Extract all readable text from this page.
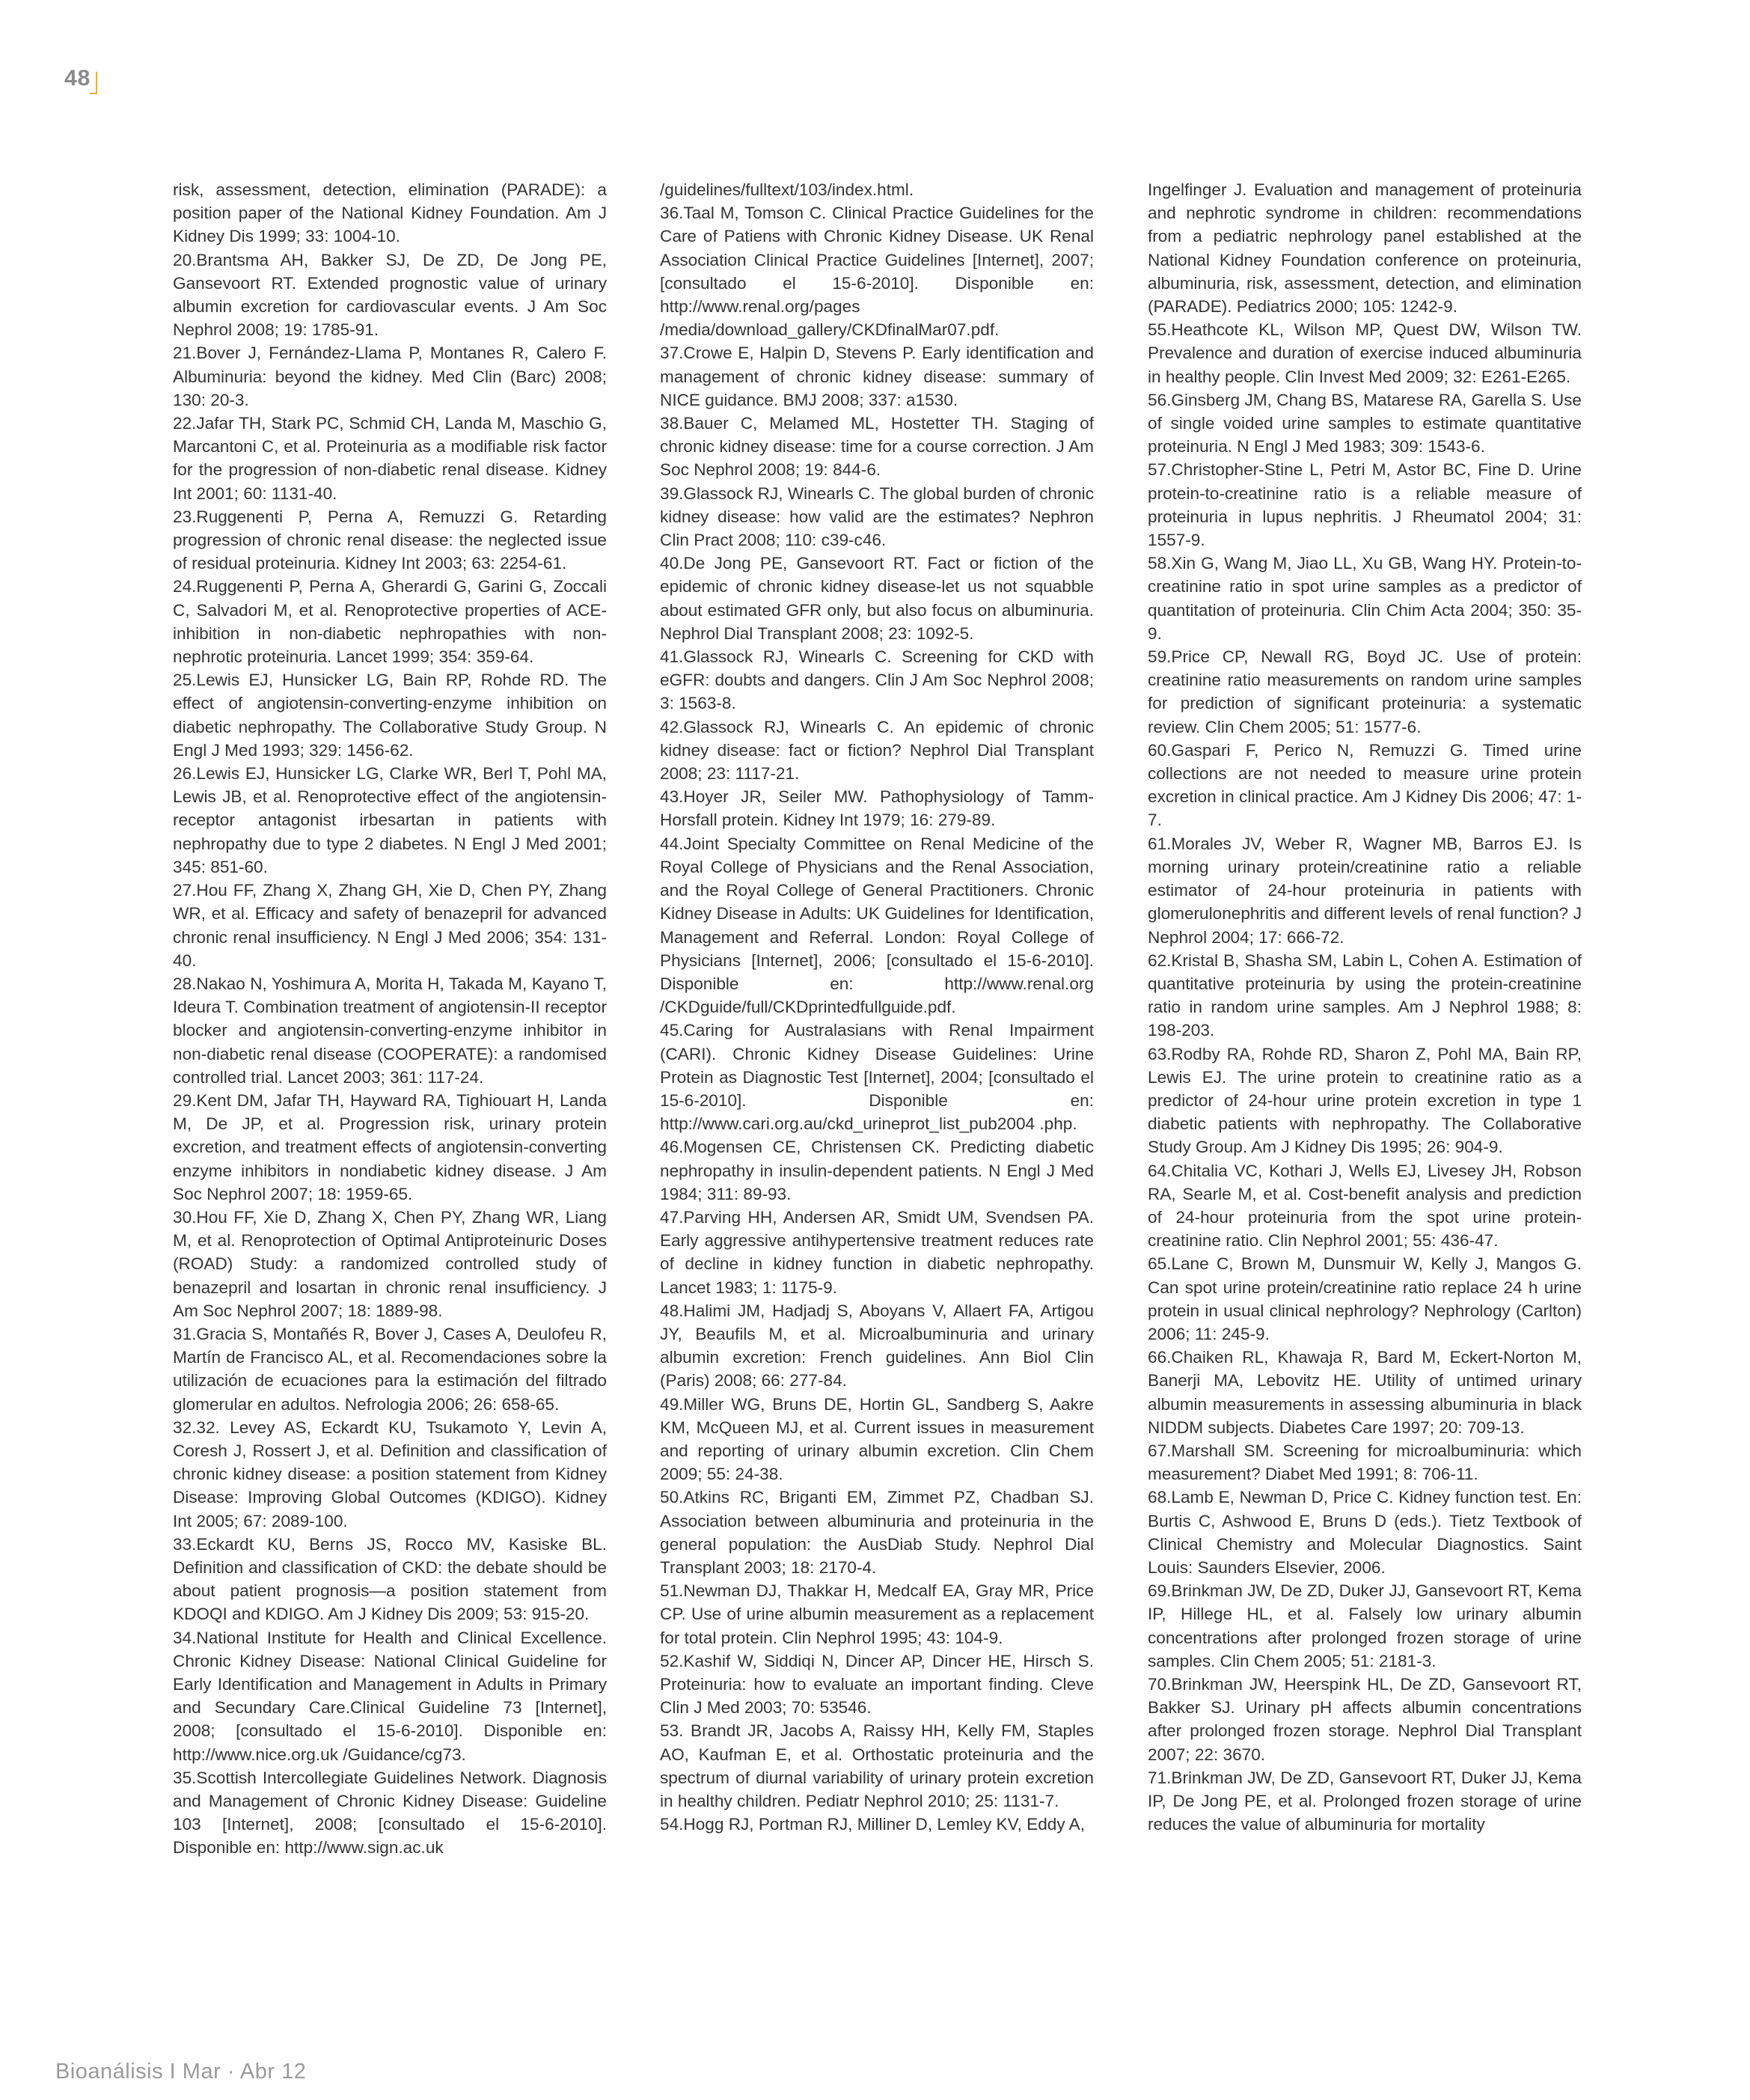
48

risk, assessment, detection, elimination (PARADE): a position paper of the National Kidney Foundation. Am J Kidney Dis 1999; 33: 1004-10.

20.Brantsma AH, Bakker SJ, De ZD, De Jong PE, Gansevoort RT. Extended prognostic value of urinary albumin excretion for cardiovascular events. J Am Soc Nephrol 2008; 19: 1785-91.

21.Bover J, Fernández-Llama P, Montanes R, Calero F. Albuminuria: beyond the kidney. Med Clin (Barc) 2008; 130: 20-3.

22.Jafar TH, Stark PC, Schmid CH, Landa M, Maschio G, Marcantoni C, et al. Proteinuria as a modifiable risk factor for the progression of non-diabetic renal disease. Kidney Int 2001; 60: 1131-40.

23.Ruggenenti P, Perna A, Remuzzi G. Retarding progression of chronic renal disease: the neglected issue of residual proteinuria. Kidney Int 2003; 63: 2254-61.

24.Ruggenenti P, Perna A, Gherardi G, Garini G, Zoccali C, Salvadori M, et al. Renoprotective properties of ACE-inhibition in non-diabetic nephropathies with non-nephrotic proteinuria. Lancet 1999; 354: 359-64.

25.Lewis EJ, Hunsicker LG, Bain RP, Rohde RD. The effect of angiotensin-converting-enzyme inhibition on diabetic nephropathy. The Collaborative Study Group. N Engl J Med 1993; 329: 1456-62.

26.Lewis EJ, Hunsicker LG, Clarke WR, Berl T, Pohl MA, Lewis JB, et al. Renoprotective effect of the angiotensin-receptor antagonist irbesartan in patients with nephropathy due to type 2 diabetes. N Engl J Med 2001; 345: 851-60.

27.Hou FF, Zhang X, Zhang GH, Xie D, Chen PY, Zhang WR, et al. Efficacy and safety of benazepril for advanced chronic renal insufficiency. N Engl J Med 2006; 354: 131-40.

28.Nakao N, Yoshimura A, Morita H, Takada M, Kayano T, Ideura T. Combination treatment of angiotensin-II receptor blocker and angiotensin-converting-enzyme inhibitor in non-diabetic renal disease (COOPERATE): a randomised controlled trial. Lancet 2003; 361: 117-24.

29.Kent DM, Jafar TH, Hayward RA, Tighiouart H, Landa M, De JP, et al. Progression risk, urinary protein excretion, and treatment effects of angiotensin-converting enzyme inhibitors in nondiabetic kidney disease. J Am Soc Nephrol 2007; 18: 1959-65.

30.Hou FF, Xie D, Zhang X, Chen PY, Zhang WR, Liang M, et al. Renoprotection of Optimal Antiproteinuric Doses (ROAD) Study: a randomized controlled study of benazepril and losartan in chronic renal insufficiency. J Am Soc Nephrol 2007; 18: 1889-98.

31.Gracia S, Montañés R, Bover J, Cases A, Deulofeu R, Martín de Francisco AL, et al. Recomendaciones sobre la utilización de ecuaciones para la estimación del filtrado glomerular en adultos. Nefrologia 2006; 26: 658-65.

32.32. Levey AS, Eckardt KU, Tsukamoto Y, Levin A, Coresh J, Rossert J, et al. Definition and classification of chronic kidney disease: a position statement from Kidney Disease: Improving Global Outcomes (KDIGO). Kidney Int 2005; 67: 2089-100.

33.Eckardt KU, Berns JS, Rocco MV, Kasiske BL. Definition and classification of CKD: the debate should be about patient prognosis—a position statement from KDOQI and KDIGO. Am J Kidney Dis 2009; 53: 915-20.

34.National Institute for Health and Clinical Excellence. Chronic Kidney Disease: National Clinical Guideline for Early Identification and Management in Adults in Primary and Secundary Care.Clinical Guideline 73 [Internet], 2008; [consultado el 15-6-2010]. Disponible en: http://www.nice.org.uk /Guidance/cg73.

35.Scottish Intercollegiate Guidelines Network. Diagnosis and Management of Chronic Kidney Disease: Guideline 103 [Internet], 2008; [consultado el 15-6-2010]. Disponible en: http://www.sign.ac.uk

/guidelines/fulltext/103/index.html.

36.Taal M, Tomson C. Clinical Practice Guidelines for the Care of Patiens with Chronic Kidney Disease. UK Renal Association Clinical Practice Guidelines [Internet], 2007; [consultado el 15-6-2010]. Disponible en: http://www.renal.org/pages /media/download_gallery/CKDfinalMar07.pdf.

37.Crowe E, Halpin D, Stevens P. Early identification and management of chronic kidney disease: summary of NICE guidance. BMJ 2008; 337: a1530.

38.Bauer C, Melamed ML, Hostetter TH. Staging of chronic kidney disease: time for a course correction. J Am Soc Nephrol 2008; 19: 844-6.

39.Glassock RJ, Winearls C. The global burden of chronic kidney disease: how valid are the estimates? Nephron Clin Pract 2008; 110: c39-c46.

40.De Jong PE, Gansevoort RT. Fact or fiction of the epidemic of chronic kidney disease-let us not squabble about estimated GFR only, but also focus on albuminuria. Nephrol Dial Transplant 2008; 23: 1092-5.

41.Glassock RJ, Winearls C. Screening for CKD with eGFR: doubts and dangers. Clin J Am Soc Nephrol 2008; 3: 1563-8.

42.Glassock RJ, Winearls C. An epidemic of chronic kidney disease: fact or fiction? Nephrol Dial Transplant 2008; 23: 1117-21.

43.Hoyer JR, Seiler MW. Pathophysiology of Tamm-Horsfall protein. Kidney Int 1979; 16: 279-89.

44.Joint Specialty Committee on Renal Medicine of the Royal College of Physicians and the Renal Association, and the Royal College of General Practitioners. Chronic Kidney Disease in Adults: UK Guidelines for Identification, Management and Referral. London: Royal College of Physicians [Internet], 2006; [consultado el 15-6-2010]. Disponible en: http://www.renal.org /CKDguide/full/CKDprintedfullguide.pdf.

45.Caring for Australasians with Renal Impairment (CARI). Chronic Kidney Disease Guidelines: Urine Protein as Diagnostic Test [Internet], 2004; [consultado el 15-6-2010]. Disponible en: http://www.cari.org.au/ckd_urineprot_list_pub2004 .php.

46.Mogensen CE, Christensen CK. Predicting diabetic nephropathy in insulin-dependent patients. N Engl J Med 1984; 311: 89-93.

47.Parving HH, Andersen AR, Smidt UM, Svendsen PA. Early aggressive antihypertensive treatment reduces rate of decline in kidney function in diabetic nephropathy. Lancet 1983; 1: 1175-9.

48.Halimi JM, Hadjadj S, Aboyans V, Allaert FA, Artigou JY, Beaufils M, et al. Microalbuminuria and urinary albumin excretion: French guidelines. Ann Biol Clin (Paris) 2008; 66: 277-84.

49.Miller WG, Bruns DE, Hortin GL, Sandberg S, Aakre KM, McQueen MJ, et al. Current issues in measurement and reporting of urinary albumin excretion. Clin Chem 2009; 55: 24-38.

50.Atkins RC, Briganti EM, Zimmet PZ, Chadban SJ. Association between albuminuria and proteinuria in the general population: the AusDiab Study. Nephrol Dial Transplant 2003; 18: 2170-4.

51.Newman DJ, Thakkar H, Medcalf EA, Gray MR, Price CP. Use of urine albumin measurement as a replacement for total protein. Clin Nephrol 1995; 43: 104-9.

52.Kashif W, Siddiqi N, Dincer AP, Dincer HE, Hirsch S. Proteinuria: how to evaluate an important finding. Cleve Clin J Med 2003; 70: 53546.

53. Brandt JR, Jacobs A, Raissy HH, Kelly FM, Staples AO, Kaufman E, et al. Orthostatic proteinuria and the spectrum of diurnal variability of urinary protein excretion in healthy children. Pediatr Nephrol 2010; 25: 1131-7.

54.Hogg RJ, Portman RJ, Milliner D, Lemley KV, Eddy A,

Ingelfinger J. Evaluation and management of proteinuria and nephrotic syndrome in children: recommendations from a pediatric nephrology panel established at the National Kidney Foundation conference on proteinuria, albuminuria, risk, assessment, detection, and elimination (PARADE). Pediatrics 2000; 105: 1242-9.

55.Heathcote KL, Wilson MP, Quest DW, Wilson TW. Prevalence and duration of exercise induced albuminuria in healthy people. Clin Invest Med 2009; 32: E261-E265.

56.Ginsberg JM, Chang BS, Matarese RA, Garella S. Use of single voided urine samples to estimate quantitative proteinuria. N Engl J Med 1983; 309: 1543-6.

57.Christopher-Stine L, Petri M, Astor BC, Fine D. Urine protein-to-creatinine ratio is a reliable measure of proteinuria in lupus nephritis. J Rheumatol 2004; 31: 1557-9.

58.Xin G, Wang M, Jiao LL, Xu GB, Wang HY. Protein-to-creatinine ratio in spot urine samples as a predictor of quantitation of proteinuria. Clin Chim Acta 2004; 350: 35-9.

59.Price CP, Newall RG, Boyd JC. Use of protein: creatinine ratio measurements on random urine samples for prediction of significant proteinuria: a systematic review. Clin Chem 2005; 51: 1577-6.

60.Gaspari F, Perico N, Remuzzi G. Timed urine collections are not needed to measure urine protein excretion in clinical practice. Am J Kidney Dis 2006; 47: 1-7.

61.Morales JV, Weber R, Wagner MB, Barros EJ. Is morning urinary protein/creatinine ratio a reliable estimator of 24-hour proteinuria in patients with glomerulonephritis and different levels of renal function? J Nephrol 2004; 17: 666-72.

62.Kristal B, Shasha SM, Labin L, Cohen A. Estimation of quantitative proteinuria by using the protein-creatinine ratio in random urine samples. Am J Nephrol 1988; 8: 198-203.

63.Rodby RA, Rohde RD, Sharon Z, Pohl MA, Bain RP, Lewis EJ. The urine protein to creatinine ratio as a predictor of 24-hour urine protein excretion in type 1 diabetic patients with nephropathy. The Collaborative Study Group. Am J Kidney Dis 1995; 26: 904-9.

64.Chitalia VC, Kothari J, Wells EJ, Livesey JH, Robson RA, Searle M, et al. Cost-benefit analysis and prediction of 24-hour proteinuria from the spot urine protein-creatinine ratio. Clin Nephrol 2001; 55: 436-47.

65.Lane C, Brown M, Dunsmuir W, Kelly J, Mangos G. Can spot urine protein/creatinine ratio replace 24 h urine protein in usual clinical nephrology? Nephrology (Carlton) 2006; 11: 245-9.

66.Chaiken RL, Khawaja R, Bard M, Eckert-Norton M, Banerji MA, Lebovitz HE. Utility of untimed urinary albumin measurements in assessing albuminuria in black NIDDM subjects. Diabetes Care 1997; 20: 709-13.

67.Marshall SM. Screening for microalbuminuria: which measurement? Diabet Med 1991; 8: 706-11.

68.Lamb E, Newman D, Price C. Kidney function test. En: Burtis C, Ashwood E, Bruns D (eds.). Tietz Textbook of Clinical Chemistry and Molecular Diagnostics. Saint Louis: Saunders Elsevier, 2006.

69.Brinkman JW, De ZD, Duker JJ, Gansevoort RT, Kema IP, Hillege HL, et al. Falsely low urinary albumin concentrations after prolonged frozen storage of urine samples. Clin Chem 2005; 51: 2181-3.

70.Brinkman JW, Heerspink HL, De ZD, Gansevoort RT, Bakker SJ. Urinary pH affects albumin concentrations after prolonged frozen storage. Nephrol Dial Transplant 2007; 22: 3670.

71.Brinkman JW, De ZD, Gansevoort RT, Duker JJ, Kema IP, De Jong PE, et al. Prolonged frozen storage of urine reduces the value of albuminuria for mortality

Bioanálisis I Mar · Abr 12
